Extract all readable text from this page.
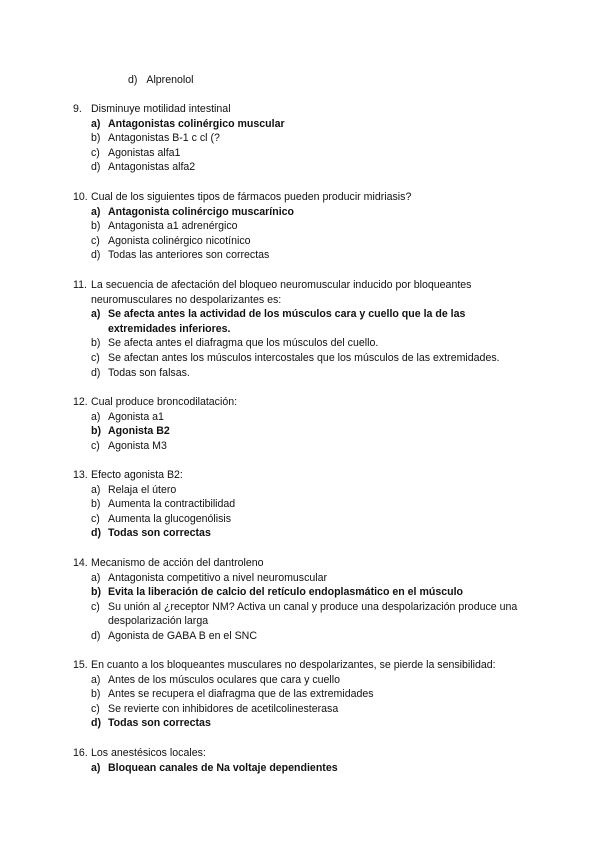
d) Alprenolol
9. Disminuye motilidad intestinal
a) Antagonistas colinérgico muscular
b) Antagonistas B-1 c cl (?
c) Agonistas alfa1
d) Antagonistas alfa2
10. Cual de los siguientes tipos de fármacos pueden producir midriasis?
a) Antagonista colinércigo muscarínico
b) Antagonista a1 adrenérgico
c) Agonista colinérgico nicotínico
d) Todas las anteriores son correctas
11. La secuencia de afectación del bloqueo neuromuscular inducido por bloqueantes neuromusculares no despolarizantes es:
a) Se afecta antes la actividad de los músculos cara y cuello que la de las extremidades inferiores.
b) Se afecta antes el diafragma que los músculos del cuello.
c) Se afectan antes los músculos intercostales que los músculos de las extremidades.
d) Todas son falsas.
12. Cual produce broncodilatación:
a) Agonista a1
b) Agonista B2
c) Agonista M3
13. Efecto agonista B2:
a) Relaja el útero
b) Aumenta la contractibilidad
c) Aumenta la glucogenólisis
d) Todas son correctas
14. Mecanismo de acción del dantroleno
a) Antagonista competitivo a nivel neuromuscular
b) Evita la liberación de calcio del retículo endoplasmático en el músculo
c) Su unión al ¿receptor NM? Activa un canal y produce una despolarización produce una despolarización larga
d) Agonista de GABA B en el SNC
15. En cuanto a los bloqueantes musculares no despolarizantes, se pierde la sensibilidad:
a) Antes de los músculos oculares que cara y cuello
b) Antes se recupera el diafragma que de las extremidades
c) Se revierte con inhibidores de acetilcolinesterasa
d) Todas son correctas
16. Los anestésicos locales:
a) Bloquean canales de Na voltaje dependientes
